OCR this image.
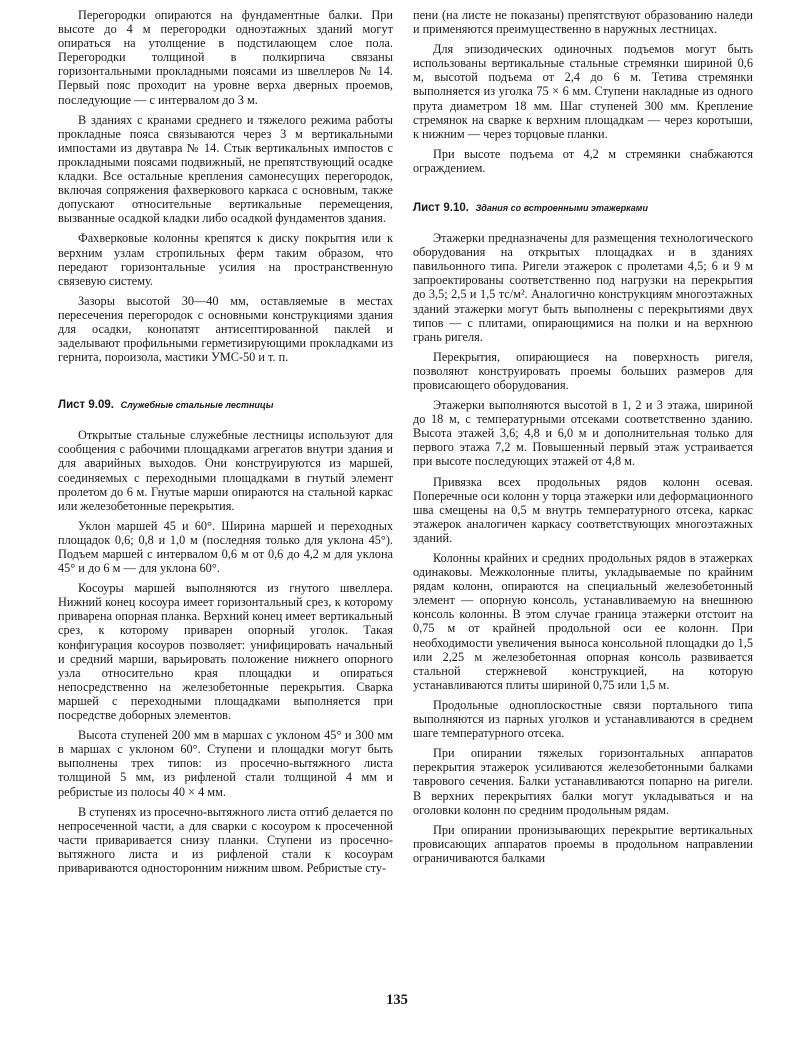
Перегородки опираются на фундаментные балки. При высоте до 4 м перегородки одноэтажных зданий могут опираться на утолщение в подстилающем слое пола. Перегородки толщиной в полкирпича связаны горизонтальными прокладными поясами из швеллеров № 14. Первый пояс проходит на уровне верха дверных проемов, последующие — с интервалом до 3 м.

В зданиях с кранами среднего и тяжелого режима работы прокладные пояса связываются через 3 м вертикальными импостами из двутавра № 14. Стык вертикальных импостов с прокладными поясами подвижный, не препятствующий осадке кладки. Все остальные крепления самонесущих перегородок, включая сопряжения фахверкового каркаса с основным, также допускают относительные вертикальные перемещения, вызванные осадкой кладки либо осадкой фундаментов здания.

Фахверковые колонны крепятся к диску покрытия или к верхним узлам стропильных ферм таким образом, что передают горизонтальные усилия на пространственную связевую систему.

Зазоры высотой 30—40 мм, оставляемые в местах пересечения перегородок с основными конструкциями здания для осадки, конопатят антисептированной паклей и заделывают профильными герметизирующими прокладками из гернита, пороизола, мастики УМС-50 и т. п.

Лист 9.09. Служебные стальные лестницы

Открытые стальные служебные лестницы используют для сообщения с рабочими площадками агрегатов внутри здания и для аварийных выходов. Они конструируются из маршей, соединяемых с переходными площадками в гнутый элемент пролетом до 6 м. Гнутые марши опираются на стальной каркас или железобетонные перекрытия.

Уклон маршей 45 и 60°. Ширина маршей и переходных площадок 0,6; 0,8 и 1,0 м (последняя только для уклона 45°). Подъем маршей с интервалом 0,6 м от 0,6 до 4,2 м для уклона 45° и до 6 м — для уклона 60°.

Косоуры маршей выполняются из гнутого швеллера. Нижний конец косоура имеет горизонтальный срез, к которому приварена опорная планка. Верхний конец имеет вертикальный срез, к которому приварен опорный уголок. Такая конфигурация косоуров позволяет: унифицировать начальный и средний марши, варьировать положение нижнего опорного узла относительно края площадки и опираться непосредственно на железобетонные перекрытия. Сварка маршей с переходными площадками выполняется при посредстве доборных элементов.

Высота ступеней 200 мм в маршах с уклоном 45° и 300 мм в маршах с уклоном 60°. Ступени и площадки могут быть выполнены трех типов: из просечно-вытяжного листа толщиной 5 мм, из рифленой стали толщиной 4 мм и ребристые из полосы 40 × 4 мм.

В ступенях из просечно-вытяжного листа отгиб делается по непросеченной части, а для сварки с косоуром к просеченной части приваривается снизу планки. Ступени из просечно-вытяжного листа и из рифленой стали к косоурам привариваются односторонним нижним швом. Ребристые сту-

пени (на листе не показаны) препятствуют образованию наледи и применяются преимущественно в наружных лестницах.

Для эпизодических одиночных подъемов могут быть использованы вертикальные стальные стремянки шириной 0,6 м, высотой подъема от 2,4 до 6 м. Тетива стремянки выполняется из уголка 75 × 6 мм. Ступени накладные из одного прута диаметром 18 мм. Шаг ступеней 300 мм. Крепление стремянок на сварке к верхним площадкам — через коротыши, к нижним — через торцовые планки.

При высоте подъема от 4,2 м стремянки снабжаются ограждением.

Лист 9.10. Здания со встроенными этажерками

Этажерки предназначены для размещения технологического оборудования на открытых площадках и в зданиях павильонного типа. Ригели этажерок с пролетами 4,5; 6 и 9 м запроектированы соответственно под нагрузки на перекрытия до 3,5; 2,5 и 1,5 тс/м². Аналогично конструкциям многоэтажных зданий этажерки могут быть выполнены с перекрытиями двух типов — с плитами, опирающимися на полки и на верхнюю грань ригеля.

Перекрытия, опирающиеся на поверхность ригеля, позволяют конструировать проемы больших размеров для провисающего оборудования.

Этажерки выполняются высотой в 1, 2 и 3 этажа, шириной до 18 м, с температурными отсеками соответственно зданию. Высота этажей 3,6; 4,8 и 6,0 м и дополнительная только для первого этажа 7,2 м. Повышенный первый этаж устраивается при высоте последующих этажей от 4,8 м.

Привязка всех продольных рядов колонн осевая. Поперечные оси колонн у торца этажерки или деформационного шва смещены на 0,5 м внутрь температурного отсека, каркас этажерок аналогичен каркасу соответствующих многоэтажных зданий.

Колонны крайних и средних продольных рядов в этажерках одинаковы. Межколонные плиты, укладываемые по крайним рядам колонн, опираются на специальный железобетонный элемент — опорную консоль, устанавливаемую на внешнюю консоль колонны. В этом случае граница этажерки отстоит на 0,75 м от крайней продольной оси ее колонн. При необходимости увеличения выноса консольной площадки до 1,5 или 2,25 м железобетонная опорная консоль развивается стальной стержневой конструкцией, на которую устанавливаются плиты шириной 0,75 или 1,5 м.

Продольные одноплоскостные связи портального типа выполняются из парных уголков и устанавливаются в среднем шаге температурного отсека.

При опирании тяжелых горизонтальных аппаратов перекрытия этажерок усиливаются железобетонными балками таврового сечения. Балки устанавливаются попарно на ригели. В верхних перекрытиях балки могут укладываться и на оголовки колонн по средним продольным рядам.

При опирании пронизывающих перекрытие вертикальных провисающих аппаратов проемы в продольном направлении ограничиваются балками

135
